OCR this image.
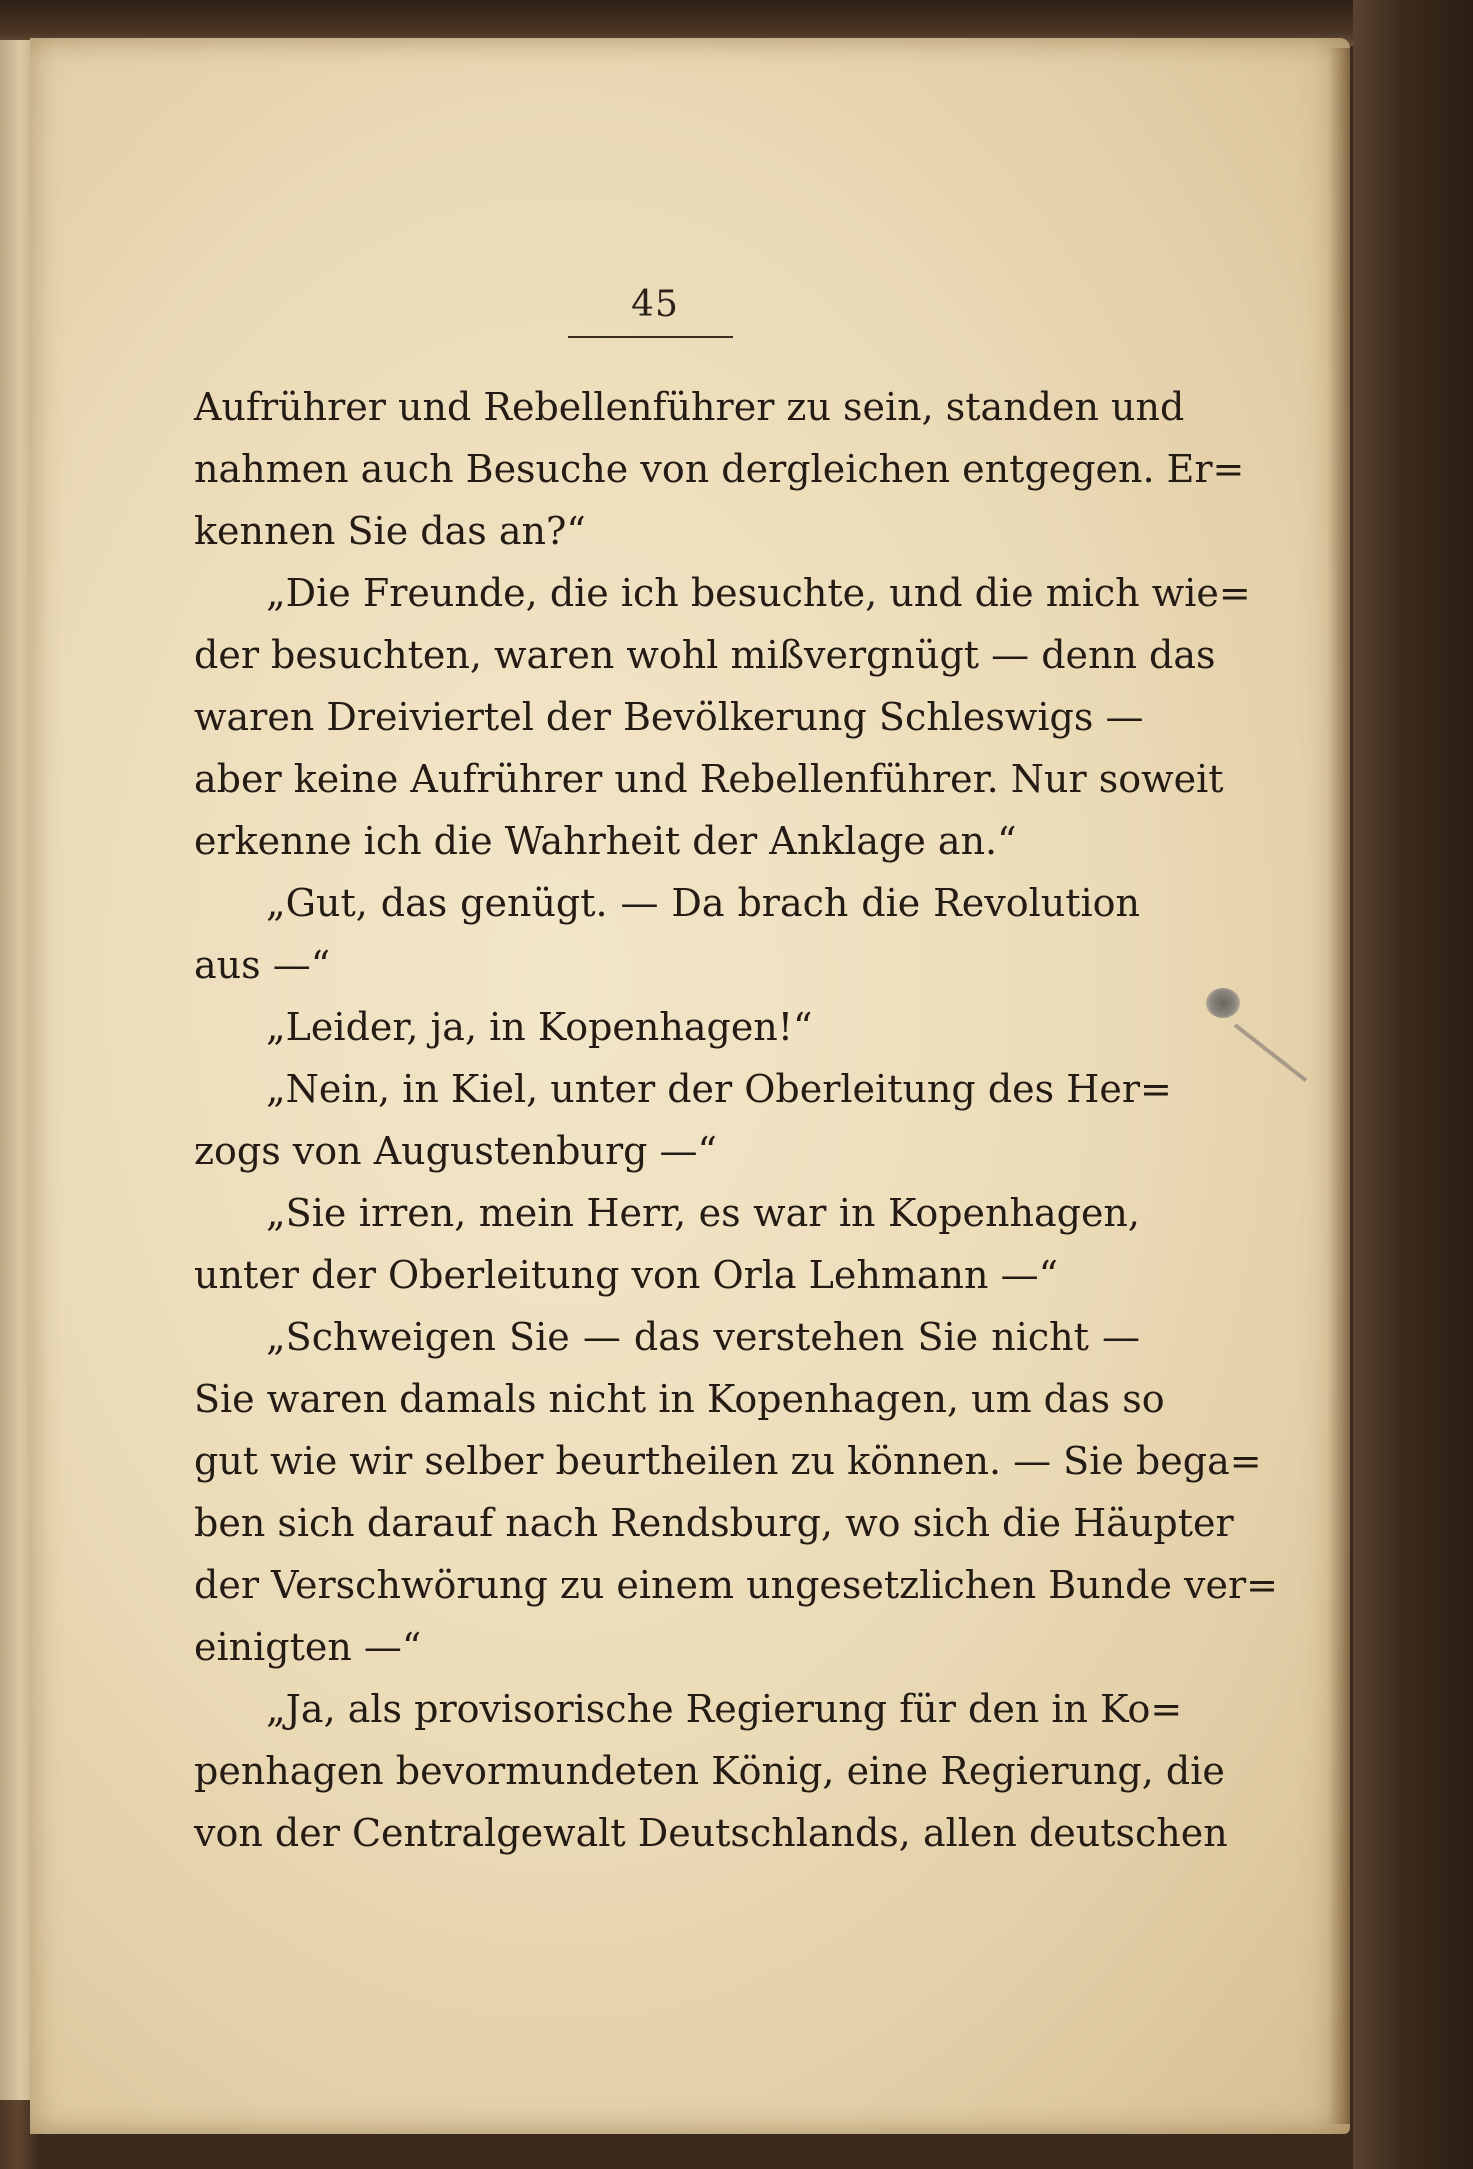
45
Aufrührer und Rebellenführer zu sein, standen und
nahmen auch Besuche von dergleichen entgegen. Er=
kennen Sie das an?“
„Die Freunde, die ich besuchte, und die mich wie=
der besuchten, waren wohl mißvergnügt — denn das
waren Dreiviertel der Bevölkerung Schleswigs —
aber keine Aufrührer und Rebellenführer. Nur soweit
erkenne ich die Wahrheit der Anklage an.“
„Gut, das genügt. — Da brach die Revolution
aus —“
„Leider, ja, in Kopenhagen!“
„Nein, in Kiel, unter der Oberleitung des Her=
zogs von Augustenburg —“
„Sie irren, mein Herr, es war in Kopenhagen,
unter der Oberleitung von Orla Lehmann —“
„Schweigen Sie — das verstehen Sie nicht —
Sie waren damals nicht in Kopenhagen, um das so
gut wie wir selber beurtheilen zu können. — Sie bega=
ben sich darauf nach Rendsburg, wo sich die Häupter
der Verschwörung zu einem ungesetzlichen Bunde ver=
einigten —“
„Ja, als provisorische Regierung für den in Ko=
penhagen bevormundeten König, eine Regierung, die
von der Centralgewalt Deutschlands, allen deutschen
